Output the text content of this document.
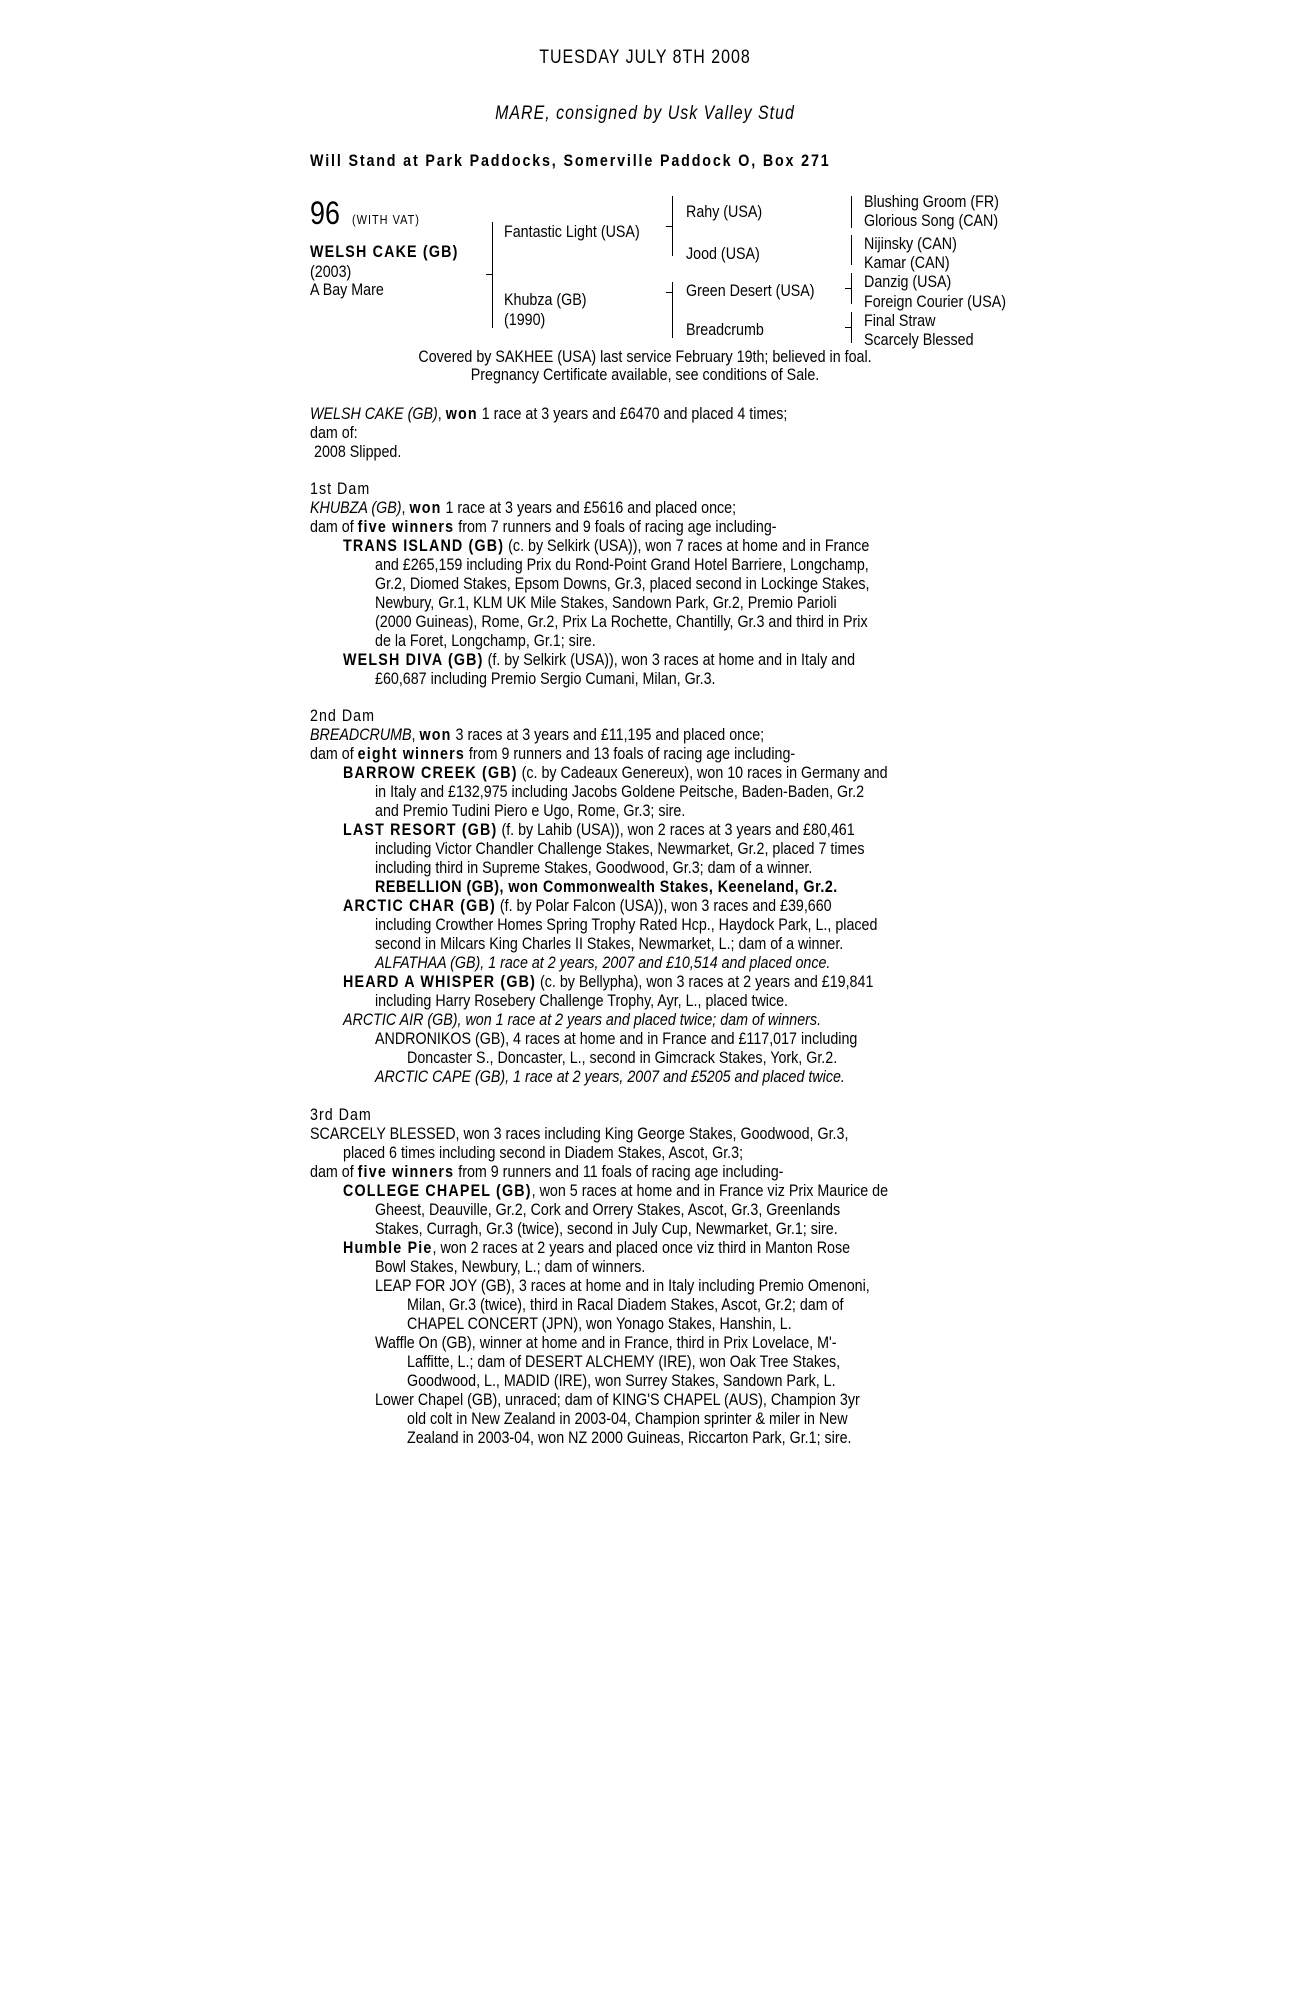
TUESDAY JULY 8TH 2008
MARE, consigned by Usk Valley Stud
Will Stand at Park Paddocks, Somerville Paddock O, Box 271
96 (WITH VAT)
WELSH CAKE (GB)
(2003)
A Bay Mare
Fantastic Light (USA)
Khubza (GB)
(1990)
Rahy (USA)
Jood (USA)
Green Desert (USA)
Breadcrumb
Blushing Groom (FR)
Glorious Song (CAN)
Nijinsky (CAN)
Kamar (CAN)
Danzig (USA)
Foreign Courier (USA)
Final Straw
Scarcely Blessed
Covered by SAKHEE (USA) last service February 19th; believed in foal.
Pregnancy Certificate available, see conditions of Sale.
WELSH CAKE (GB), won 1 race at 3 years and £6470 and placed 4 times;
dam of:
2008 Slipped.
1st Dam
KHUBZA (GB), won 1 race at 3 years and £5616 and placed once;
dam of five winners from 7 runners and 9 foals of racing age including-
TRANS ISLAND (GB) (c. by Selkirk (USA)), won 7 races at home and in France
and £265,159 including Prix du Rond-Point Grand Hotel Barriere, Longchamp,
Gr.2, Diomed Stakes, Epsom Downs, Gr.3, placed second in Lockinge Stakes,
Newbury, Gr.1, KLM UK Mile Stakes, Sandown Park, Gr.2, Premio Parioli
(2000 Guineas), Rome, Gr.2, Prix La Rochette, Chantilly, Gr.3 and third in Prix
de la Foret, Longchamp, Gr.1; sire.
WELSH DIVA (GB) (f. by Selkirk (USA)), won 3 races at home and in Italy and
£60,687 including Premio Sergio Cumani, Milan, Gr.3.
2nd Dam
BREADCRUMB, won 3 races at 3 years and £11,195 and placed once;
dam of eight winners from 9 runners and 13 foals of racing age including-
BARROW CREEK (GB) (c. by Cadeaux Genereux), won 10 races in Germany and
in Italy and £132,975 including Jacobs Goldene Peitsche, Baden-Baden, Gr.2
and Premio Tudini Piero e Ugo, Rome, Gr.3; sire.
LAST RESORT (GB) (f. by Lahib (USA)), won 2 races at 3 years and £80,461
including Victor Chandler Challenge Stakes, Newmarket, Gr.2, placed 7 times
including third in Supreme Stakes, Goodwood, Gr.3; dam of a winner.
REBELLION (GB), won Commonwealth Stakes, Keeneland, Gr.2.
ARCTIC CHAR (GB) (f. by Polar Falcon (USA)), won 3 races and £39,660
including Crowther Homes Spring Trophy Rated Hcp., Haydock Park, L., placed
second in Milcars King Charles II Stakes, Newmarket, L.; dam of a winner.
ALFATHAA (GB), 1 race at 2 years, 2007 and £10,514 and placed once.
HEARD A WHISPER (GB) (c. by Bellypha), won 3 races at 2 years and £19,841
including Harry Rosebery Challenge Trophy, Ayr, L., placed twice.
ARCTIC AIR (GB), won 1 race at 2 years and placed twice; dam of winners.
ANDRONIKOS (GB), 4 races at home and in France and £117,017 including
Doncaster S., Doncaster, L., second in Gimcrack Stakes, York, Gr.2.
ARCTIC CAPE (GB), 1 race at 2 years, 2007 and £5205 and placed twice.
3rd Dam
SCARCELY BLESSED, won 3 races including King George Stakes, Goodwood, Gr.3,
placed 6 times including second in Diadem Stakes, Ascot, Gr.3;
dam of five winners from 9 runners and 11 foals of racing age including-
COLLEGE CHAPEL (GB), won 5 races at home and in France viz Prix Maurice de
Gheest, Deauville, Gr.2, Cork and Orrery Stakes, Ascot, Gr.3, Greenlands
Stakes, Curragh, Gr.3 (twice), second in July Cup, Newmarket, Gr.1; sire.
Humble Pie, won 2 races at 2 years and placed once viz third in Manton Rose
Bowl Stakes, Newbury, L.; dam of winners.
LEAP FOR JOY (GB), 3 races at home and in Italy including Premio Omenoni,
Milan, Gr.3 (twice), third in Racal Diadem Stakes, Ascot, Gr.2; dam of
CHAPEL CONCERT (JPN), won Yonago Stakes, Hanshin, L.
Waffle On (GB), winner at home and in France, third in Prix Lovelace, M'-
Laffitte, L.; dam of DESERT ALCHEMY (IRE), won Oak Tree Stakes,
Goodwood, L., MADID (IRE), won Surrey Stakes, Sandown Park, L.
Lower Chapel (GB), unraced; dam of KING'S CHAPEL (AUS), Champion 3yr
old colt in New Zealand in 2003-04, Champion sprinter & miler in New
Zealand in 2003-04, won NZ 2000 Guineas, Riccarton Park, Gr.1; sire.
